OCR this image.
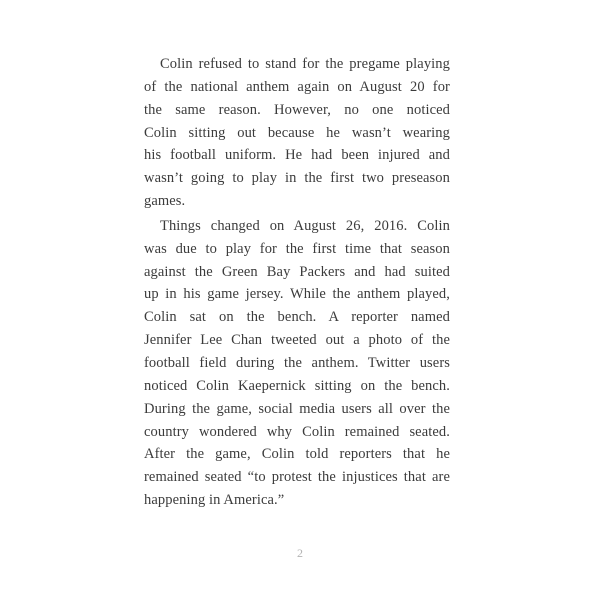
Colin refused to stand for the pregame playing
of the national anthem again on August 20 for
the same reason. However, no one noticed
Colin sitting out because he wasn’t wearing
his football uniform. He had been injured and
wasn’t going to play in the first two preseason
games.
Things changed on August 26, 2016. Colin
was due to play for the first time that season
against the Green Bay Packers and had suited
up in his game jersey. While the anthem played,
Colin sat on the bench. A reporter named
Jennifer Lee Chan tweeted out a photo of the
football field during the anthem. Twitter users
noticed Colin Kaepernick sitting on the bench.
During the game, social media users all over the
country wondered why Colin remained seated.
After the game, Colin told reporters that he
remained seated “to protest the injustices that are
happening in America.”
2
